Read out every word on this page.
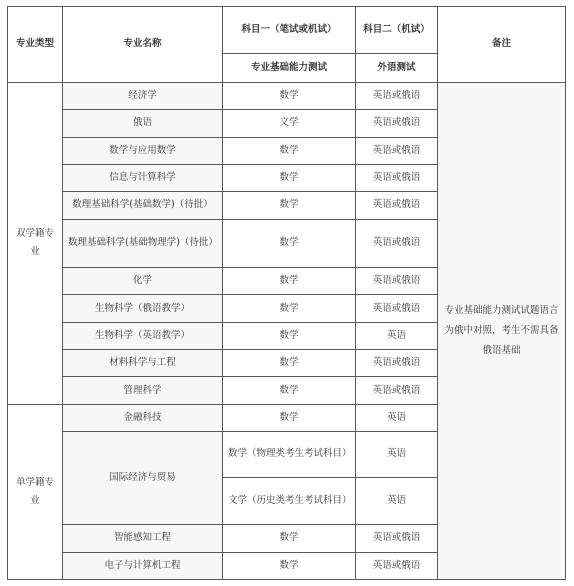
专业类型	专业名称	科目一（笔试或机试）	科目二（机试）	备注
		专业基础能力测试	外语测试	
双学籍专业	经济学	数学	英语或俄语	专业基础能力测试试题语言为俄中对照，考生不需具备俄语基础
	俄语	文学	英语或俄语	
	数学与应用数学	数学	英语或俄语	
	信息与计算科学	数学	英语或俄语	
	数理基础科学(基础数学)（待批）	数学	英语或俄语	
	数理基础科学(基础物理学)（待批）	数学	英语或俄语	
	化学	数学	英语或俄语	
	生物科学（俄语教学）	数学	英语或俄语	
	生物科学（英语教学）	数学	英语	
	材料科学与工程	数学	英语或俄语	
	管理科学	数学	英语或俄语	
单学籍专业	金融科技	数学	英语	
	国际经济与贸易	数学（物理类考生考试科目）	英语	
		文学（历史类考生考试科目）	英语	
	智能感知工程	数学	英语或俄语	
	电子与计算机工程	数学	英语或俄语	
